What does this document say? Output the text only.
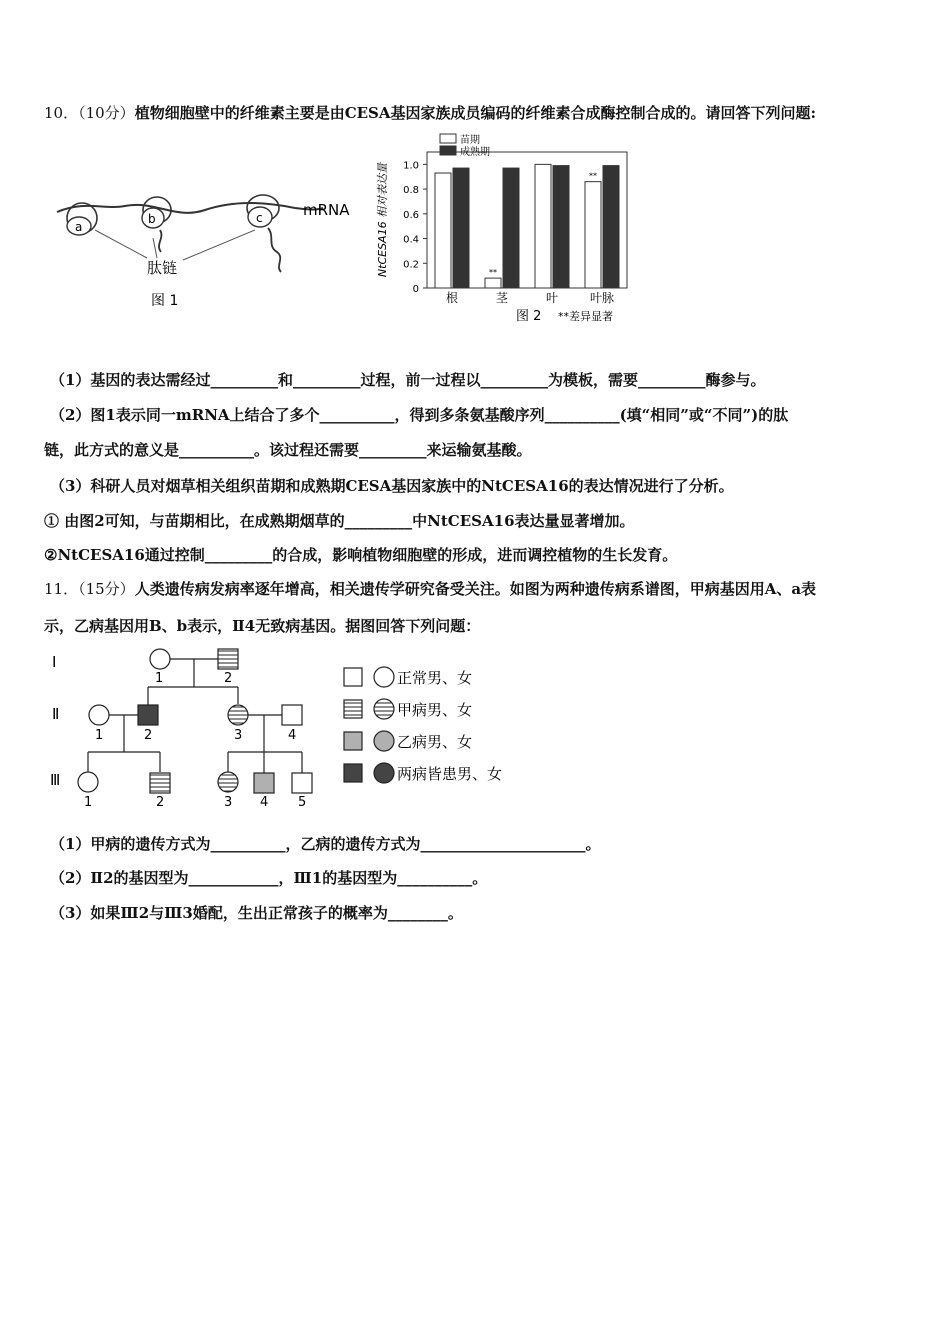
10．（10分）植物细胞壁中的纤维素主要是由CESA基因家族成员编码的纤维素合成酶控制合成的。请回答下列问题:
a
b	c	mRNA
肽链
图 1
0
0.2
0.4
0.6
0.8
1.0
NtCESA16 相对表达量
根
**
茎	叶
**
叶脉
苗期
成熟期
图 2 **差异显著
（1）基因的表达需经过_________和_________过程，前一过程以_________为模板，需要_________酶参与。
（2）图1表示同一mRNA上结合了多个__________，得到多条氨基酸序列__________(填“相同”或“不同”)的肽
链，此方式的意义是__________。该过程还需要_________来运输氨基酸。
（3）科研人员对烟草相关组织苗期和成熟期CESA基因家族中的NtCESA16的表达情况进行了分析。
① 由图2可知，与苗期相比，在成熟期烟草的_________中NtCESA16表达量显著增加。
②NtCESA16通过控制_________的合成，影响植物细胞壁的形成，进而调控植物的生长发育。
11．（15分）人类遗传病发病率逐年增高，相关遗传学研究备受关注。如图为两种遗传病系谱图，甲病基因用A、a表
示，乙病基因用B、b表示，Ⅱ4无致病基因。据图回答下列问题：
Ⅰ
Ⅱ
Ⅲ
1	2
1	2	3	4
1	2	3 4 5
正常男、女
甲病男、女
乙病男、女
两病皆患男、女
（1）甲病的遗传方式为__________，乙病的遗传方式为______________________。
（2）Ⅱ2的基因型为____________，Ⅲ1的基因型为__________。
（3）如果Ⅲ2与Ⅲ3婚配，生出正常孩子的概率为________。
